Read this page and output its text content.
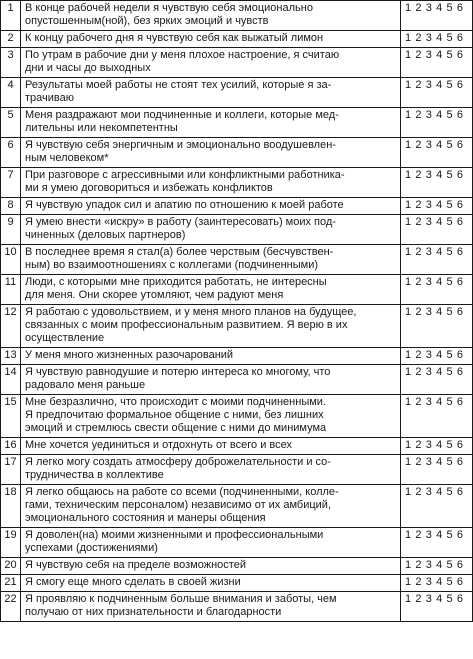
1	В конце рабочей недели я чувствую себя эмоционально
опустошенным(ной), без ярких эмоций и чувств	1 2 3 4 5 6
2	К концу рабочего дня я чувствую себя как выжатый лимон	1 2 3 4 5 6
3	По утрам в рабочие дни у меня плохое настроение, я считаю
дни и часы до выходных	1 2 3 4 5 6
4	Результаты моей работы не стоят тех усилий, которые я за-
трачиваю	1 2 3 4 5 6
5	Меня раздражают мои подчиненные и коллеги, которые мед-
лительны или некомпетентны	1 2 3 4 5 6
6	Я чувствую себя энергичным и эмоционально воодушевлен-
ным человеком*	1 2 3 4 5 6
7	При разговоре с агрессивными или конфликтными работника-
ми я умею договориться и избежать конфликтов	1 2 3 4 5 6
8	Я чувствую упадок сил и апатию по отношению к моей работе	1 2 3 4 5 6
9	Я умею внести «искру» в работу (заинтересовать) моих под-
чиненных (деловых партнеров)	1 2 3 4 5 6
10	В последнее время я стал(а) более черствым (бесчувствен-
ным) во взаимоотношениях с коллегами (подчиненными)	1 2 3 4 5 6
11	Люди, с которыми мне приходится работать, не интересны
для меня. Они скорее утомляют, чем радуют меня	1 2 3 4 5 6
12	Я работаю с удовольствием, и у меня много планов на будущее,
связанных с моим профессиональным развитием. Я верю в их
осуществление	1 2 3 4 5 6
13	У меня много жизненных разочарований	1 2 3 4 5 6
14	Я чувствую равнодушие и потерю интереса ко многому, что
радовало меня раньше	1 2 3 4 5 6
15	Мне безразлично, что происходит с моими подчиненными.
Я предпочитаю формальное общение с ними, без лишних
эмоций и стремлюсь свести общение с ними до минимума	1 2 3 4 5 6
16	Мне хочется уединиться и отдохнуть от всего и всех	1 2 3 4 5 6
17	Я легко могу создать атмосферу доброжелательности и со-
трудничества в коллективе	1 2 3 4 5 6
18	Я легко общаюсь на работе со всеми (подчиненными, колле-
гами, техническим персоналом) независимо от их амбиций,
эмоционального состояния и манеры общения	1 2 3 4 5 6
19	Я доволен(на) моими жизненными и профессиональными
успехами (достижениями)	1 2 3 4 5 6
20	Я чувствую себя на пределе возможностей	1 2 3 4 5 6
21	Я смогу еще много сделать в своей жизни	1 2 3 4 5 6
22	Я проявляю к подчиненным больше внимания и заботы, чем
получаю от них признательности и благодарности	1 2 3 4 5 6
